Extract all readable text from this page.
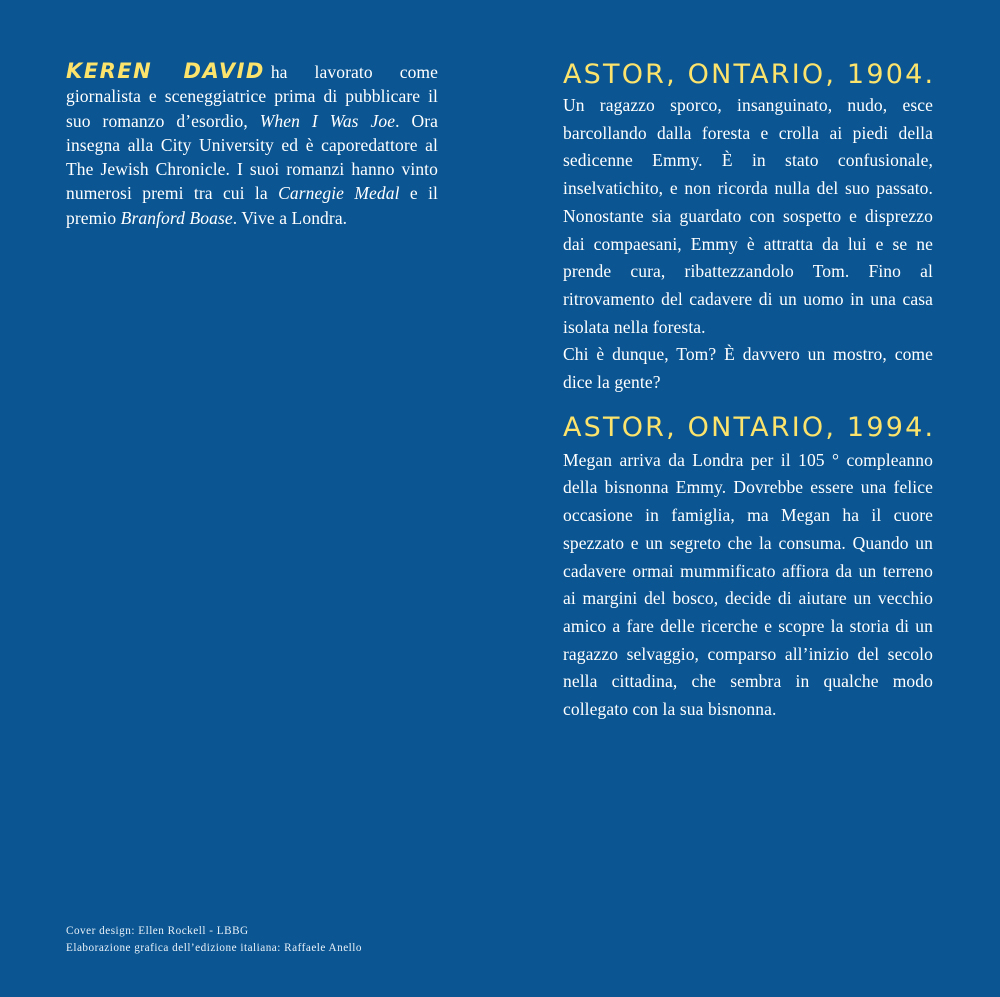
KEREN DAVID ha lavorato come giornalista e sceneggiatrice prima di pubblicare il suo romanzo d’esordio, When I Was Joe. Ora insegna alla City University ed è caporedattore al The Jewish Chronicle. I suoi romanzi hanno vinto numerosi premi tra cui la Carnegie Medal e il premio Branford Boase. Vive a Londra.

Cover design: Ellen Rockell - LBBG
Elaborazione grafica dell’edizione italiana: Raffaele Anello
ASTOR, ONTARIO, 1904.

Un ragazzo sporco, insanguinato, nudo, esce barcollando dalla foresta e crolla ai piedi della sedicenne Emmy. È in stato confusionale, inselvatichito, e non ricorda nulla del suo passato. Nonostante sia guardato con sospetto e disprezzo dai compaesani, Emmy è attratta da lui e se ne prende cura, ribattezzandolo Tom. Fino al ritrovamento del cadavere di un uomo in una casa isolata nella foresta.
Chi è dunque, Tom? È davvero un mostro, come dice la gente?

ASTOR, ONTARIO, 1994.

Megan arriva da Londra per il 105 ° compleanno della bisnonna Emmy. Dovrebbe essere una felice occasione in famiglia, ma Megan ha il cuore spezzato e un segreto che la consuma. Quando un cadavere ormai mummificato affiora da un terreno ai margini del bosco, decide di aiutare un vecchio amico a fare delle ricerche e scopre la storia di un ragazzo selvaggio, comparso all’inizio del secolo nella cittadina, che sembra in qualche modo collegato con la sua bisnonna.
